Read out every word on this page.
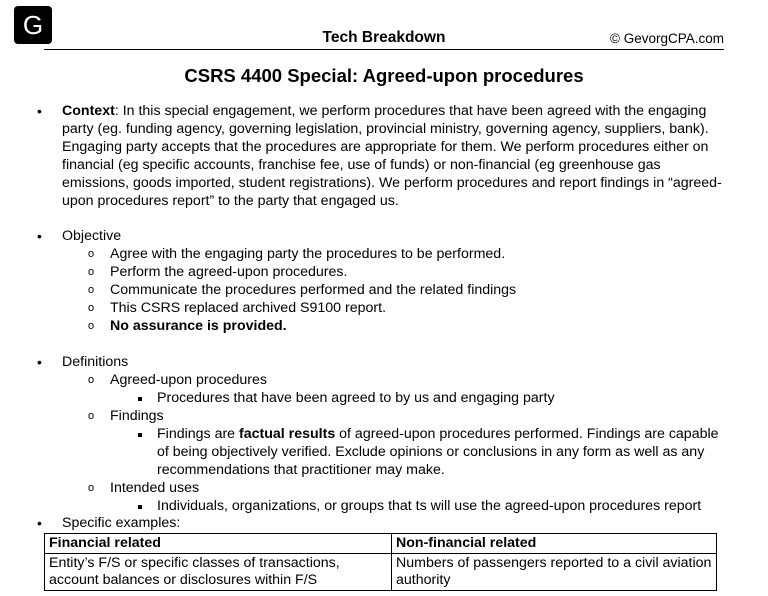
G	Tech Breakdown	© GevorgCPA.com
CSRS 4400 Special: Agreed-upon procedures
• Context: In this special engagement, we perform procedures that have been agreed with the engaging party (eg. funding agency, governing legislation, provincial ministry, governing agency, suppliers, bank). Engaging party accepts that the procedures are appropriate for them. We perform procedures either on financial (eg specific accounts, franchise fee, use of funds) or non-financial (eg greenhouse gas emissions, goods imported, student registrations). We perform procedures and report findings in “agreed-upon procedures report” to the party that engaged us.
• Objective
o Agree with the engaging party the procedures to be performed.
o Perform the agreed-upon procedures.
o Communicate the procedures performed and the related findings
o This CSRS replaced archived S9100 report.
o No assurance is provided.
• Definitions
o Agreed-upon procedures
Procedures that have been agreed to by us and engaging party
o Findings
Findings are factual results of agreed-upon procedures performed. Findings are capable of being objectively verified. Exclude opinions or conclusions in any form as well as any recommendations that practitioner may make.
o Intended uses
Individuals, organizations, or groups that ts will use the agreed-upon procedures report
• Specific examples:
Financial related	Non-financial related
Entity’s F/S or specific classes of transactions, account balances or disclosures within F/S	Numbers of passengers reported to a civil aviation authority
